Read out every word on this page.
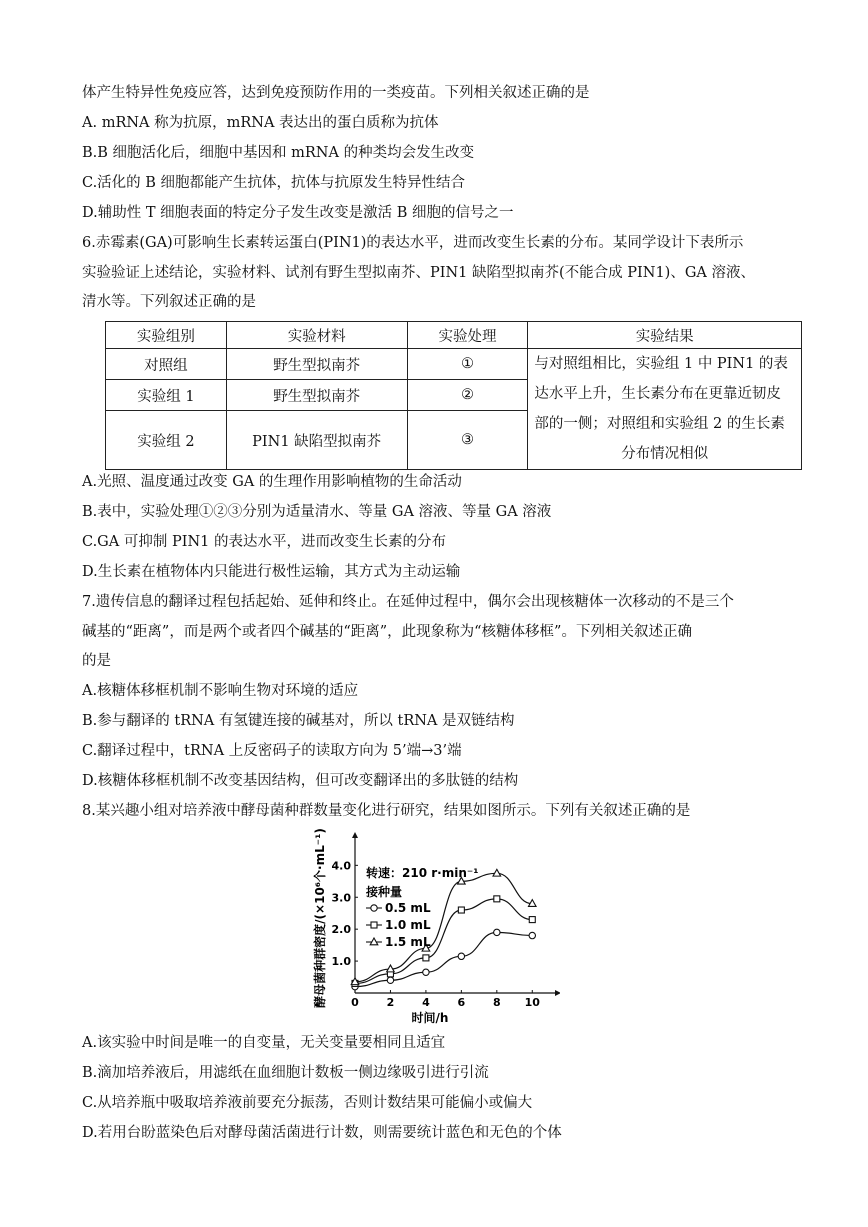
体产生特异性免疫应答，达到免疫预防作用的一类疫苗。下列相关叙述正确的是
A. mRNA 称为抗原，mRNA 表达出的蛋白质称为抗体
B.B 细胞活化后，细胞中基因和 mRNA 的种类均会发生改变
C.活化的 B 细胞都能产生抗体，抗体与抗原发生特异性结合
D.辅助性 T 细胞表面的特定分子发生改变是激活 B 细胞的信号之一
6.赤霉素(GA)可影响生长素转运蛋白(PIN1)的表达水平，进而改变生长素的分布。某同学设计下表所示
实验验证上述结论，实验材料、试剂有野生型拟南芥、PIN1 缺陷型拟南芥(不能合成 PIN1)、GA 溶液、
清水等。下列叙述正确的是
实验组别	实验材料	实验处理	实验结果
对照组	野生型拟南芥	①	与对照组相比，实验组 1 中 PIN1 的表
达水平上升，生长素分布在更靠近韧皮
部的一侧；对照组和实验组 2 的生长素
分布情况相似

实验组 1	野生型拟南芥	②	
实验组 2	PIN1 缺陷型拟南芥	③	
A.光照、温度通过改变 GA 的生理作用影响植物的生命活动
B.表中，实验处理①②③分别为适量清水、等量 GA 溶液、等量 GA 溶液
C.GA 可抑制 PIN1 的表达水平，进而改变生长素的分布
D.生长素在植物体内只能进行极性运输，其方式为主动运输
7.遗传信息的翻译过程包括起始、延伸和终止。在延伸过程中，偶尔会出现核糖体一次移动的不是三个
碱基的“距离”，而是两个或者四个碱基的“距离”，此现象称为“核糖体移框”。下列相关叙述正确
的是
A.核糖体移框机制不影响生物对环境的适应
B.参与翻译的 tRNA 有氢键连接的碱基对，所以 tRNA 是双链结构
C.翻译过程中，tRNA 上反密码子的读取方向为 5’端→3’端
D.核糖体移框机制不改变基因结构，但可改变翻译出的多肽链的结构
8.某兴趣小组对培养液中酵母菌种群数量变化进行研究，结果如图所示。下列有关叙述正确的是
0	2	4	6	8 10
1.0
2.0
3.0
4.0
酵母菌种群密度/(×10⁶个·mL⁻¹)
时间/h
转速：210 r·min⁻¹
接种量
0.5 mL
1.0 mL
1.5 mL
A.该实验中时间是唯一的自变量，无关变量要相同且适宜
B.滴加培养液后，用滤纸在血细胞计数板一侧边缘吸引进行引流
C.从培养瓶中吸取培养液前要充分振荡，否则计数结果可能偏小或偏大
D.若用台盼蓝染色后对酵母菌活菌进行计数，则需要统计蓝色和无色的个体
